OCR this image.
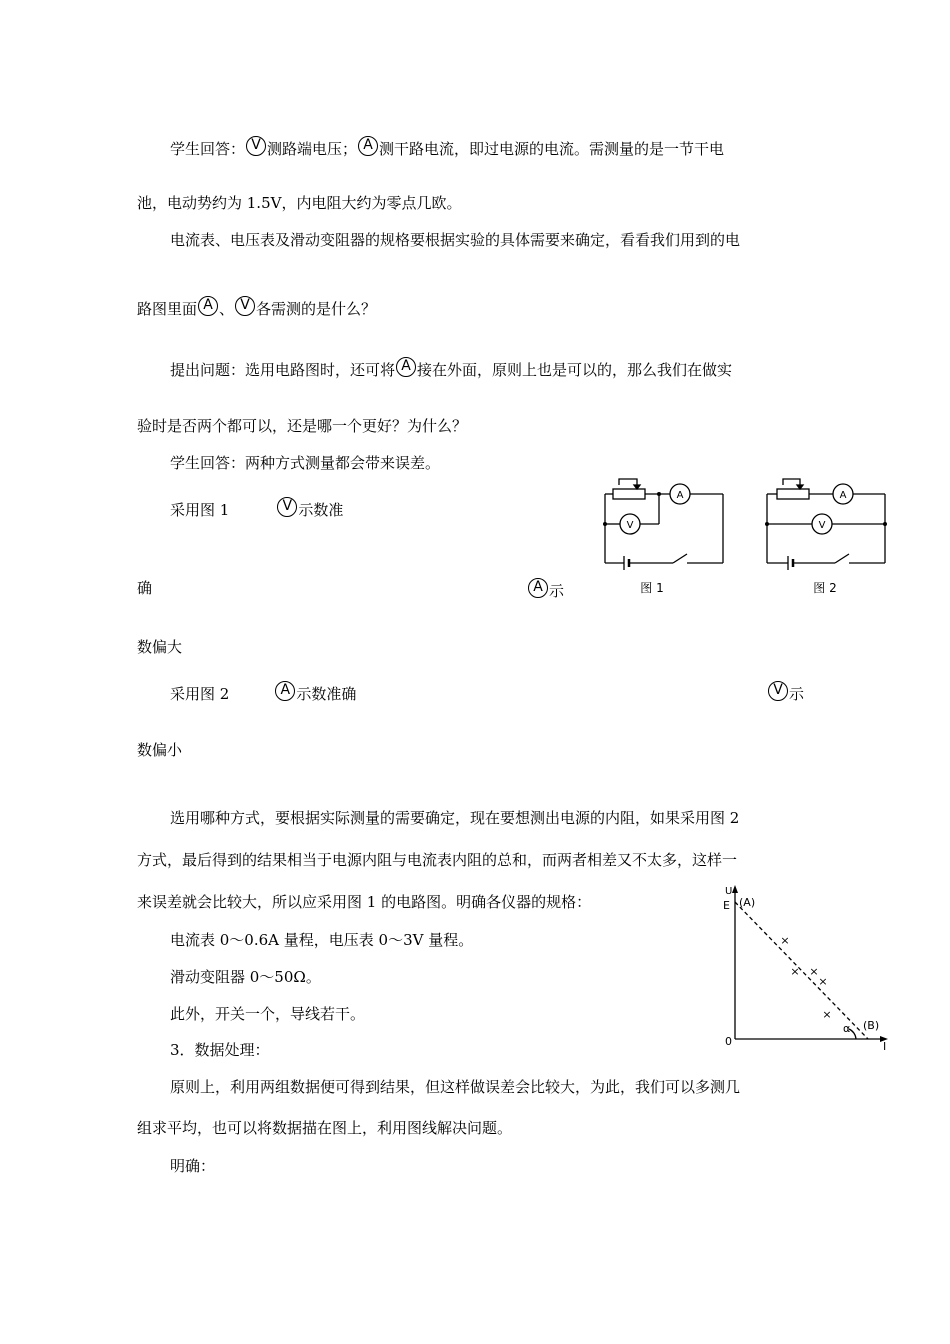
学生回答： V 测路端电压； A 测干路电流，即过电源的电流。需测量的是一节干电
池，电动势约为 1.5V，内电阻大约为零点几欧。
电流表、电压表及滑动变阻器的规格要根据实验的具体需要来确定，看看我们用到的电
路图里面 A 、 V 各需测的是什么？
提出问题：选用电路图时，还可将 A 接在外面，原则上也是可以的，那么我们在做实
验时是否两个都可以，还是哪一个更好？为什么？
学生回答：两种方式测量都会带来误差。
采用图 1	V 示数准
确	A 示
数偏大
采用图 2	A 示数准确	V 示
数偏小
选用哪种方式，要根据实际测量的需要确定，现在要想测出电源的内阻，如果采用图 2
方式，最后得到的结果相当于电源内阻与电流表内阻的总和，而两者相差又不太多，这样一
来误差就会比较大，所以应采用图 1 的电路图。明确各仪器的规格：
电流表 0～0.6A 量程，电压表 0～3V 量程。
滑动变阻器 0～50Ω。
此外，开关一个，导线若干。
3．数据处理：
原则上，利用两组数据便可得到结果，但这样做误差会比较大，为此，我们可以多测几
组求平均，也可以将数据描在图上，利用图线解决问题。
明确：
A
V
图 1
A
V
图 2
×
× ×
×
×
U
E (A)
(B)
α
0	I
